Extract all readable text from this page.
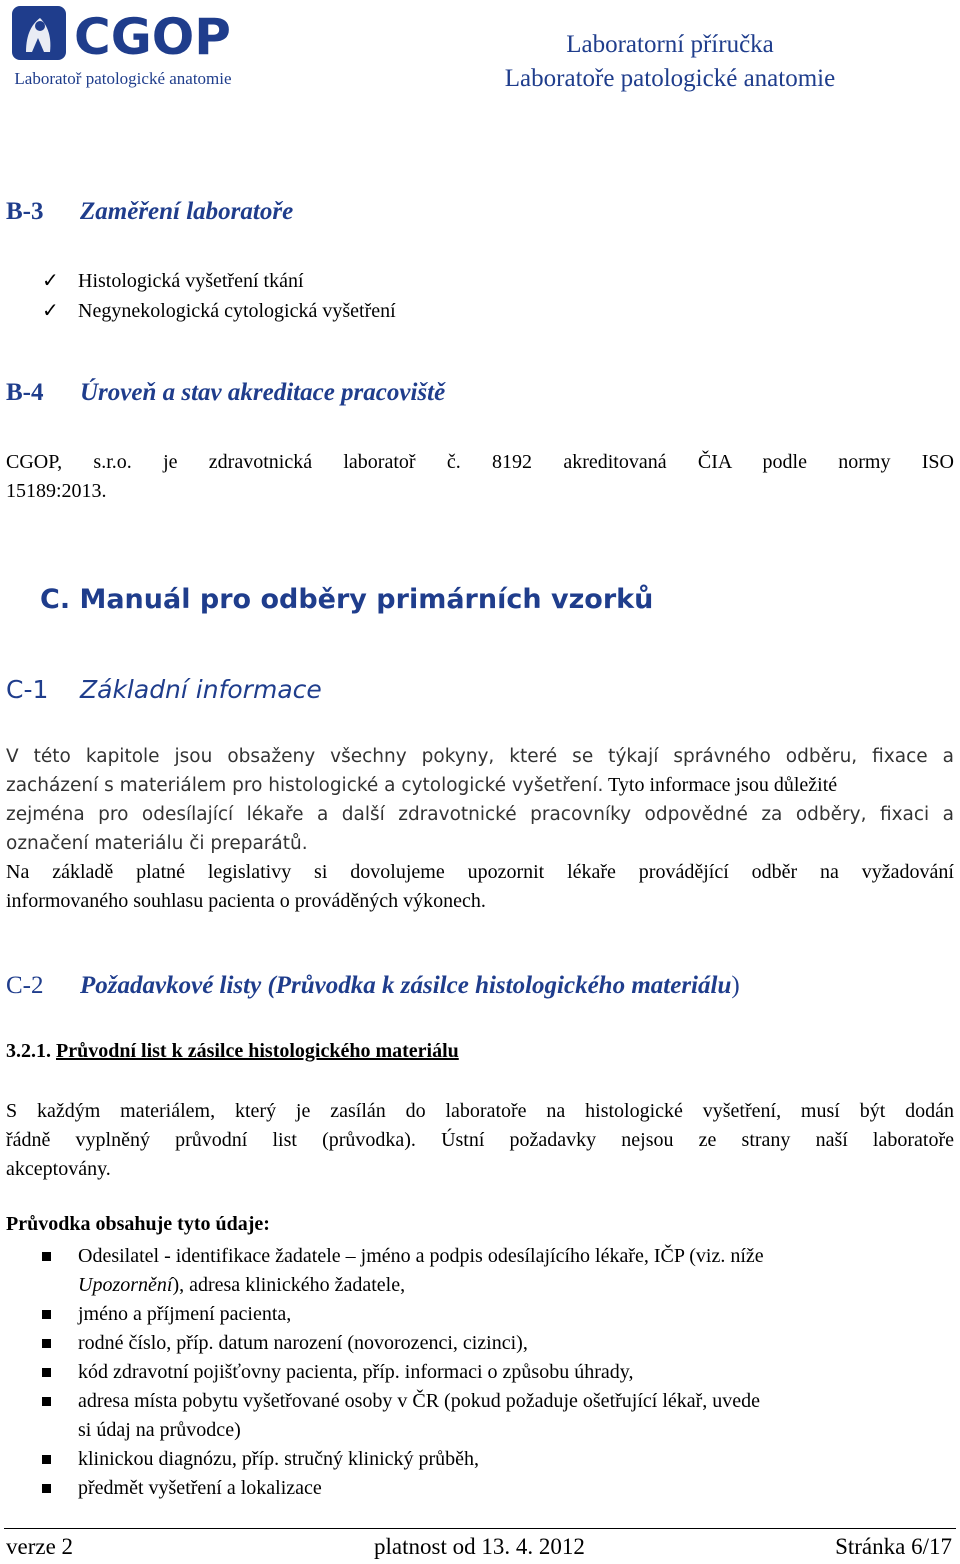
CGOP
Laboratoř patologické anatomie
Laboratorní příručka
Laboratoře patologické anatomie
B-3 Zaměření laboratoře
✓ Histologická vyšetření tkání
✓ Negynekologická cytologická vyšetření
B-4 Úroveň a stav akreditace pracoviště
CGOP, s.r.o. je zdravotnická laboratoř č. 8192 akreditovaná ČIA podle normy ISO
15189:2013.
C. Manuál pro odběry primárních vzorků
C-1 Základní informace
V této kapitole jsou obsaženy všechny pokyny, které se týkají správného odběru, fixace a
zacházení s materiálem pro histologické a cytologické vyšetření. Tyto informace jsou důležité
zejména pro odesílající lékaře a další zdravotnické pracovníky odpovědné za odběry, fixaci a
označení materiálu či preparátů.
Na základě platné legislativy si dovolujeme upozornit lékaře provádějící odběr na vyžadování
informovaného souhlasu pacienta o prováděných výkonech.
C-2 Požadavkové listy (Průvodka k zásilce histologického materiálu)
3.2.1. Průvodní list k zásilce histologického materiálu
S každým materiálem, který je zasílán do laboratoře na histologické vyšetření, musí být dodán
řádně vyplněný průvodní list (průvodka). Ústní požadavky nejsou ze strany naší laboratoře
akceptovány.
Průvodka obsahuje tyto údaje:
Odesilatel - identifikace žadatele – jméno a podpis odesílajícího lékaře, IČP (viz. níže
Upozornění), adresa klinického žadatele,
jméno a příjmení pacienta,
rodné číslo, příp. datum narození (novorozenci, cizinci),
kód zdravotní pojišťovny pacienta, příp. informaci o způsobu úhrady,
adresa místa pobytu vyšetřované osoby v ČR (pokud požaduje ošetřující lékař, uvede
si údaj na průvodce)
klinickou diagnózu, příp. stručný klinický průběh,
předmět vyšetření a lokalizace
verze 2	platnost od 13. 4. 2012	Stránka 6/17
